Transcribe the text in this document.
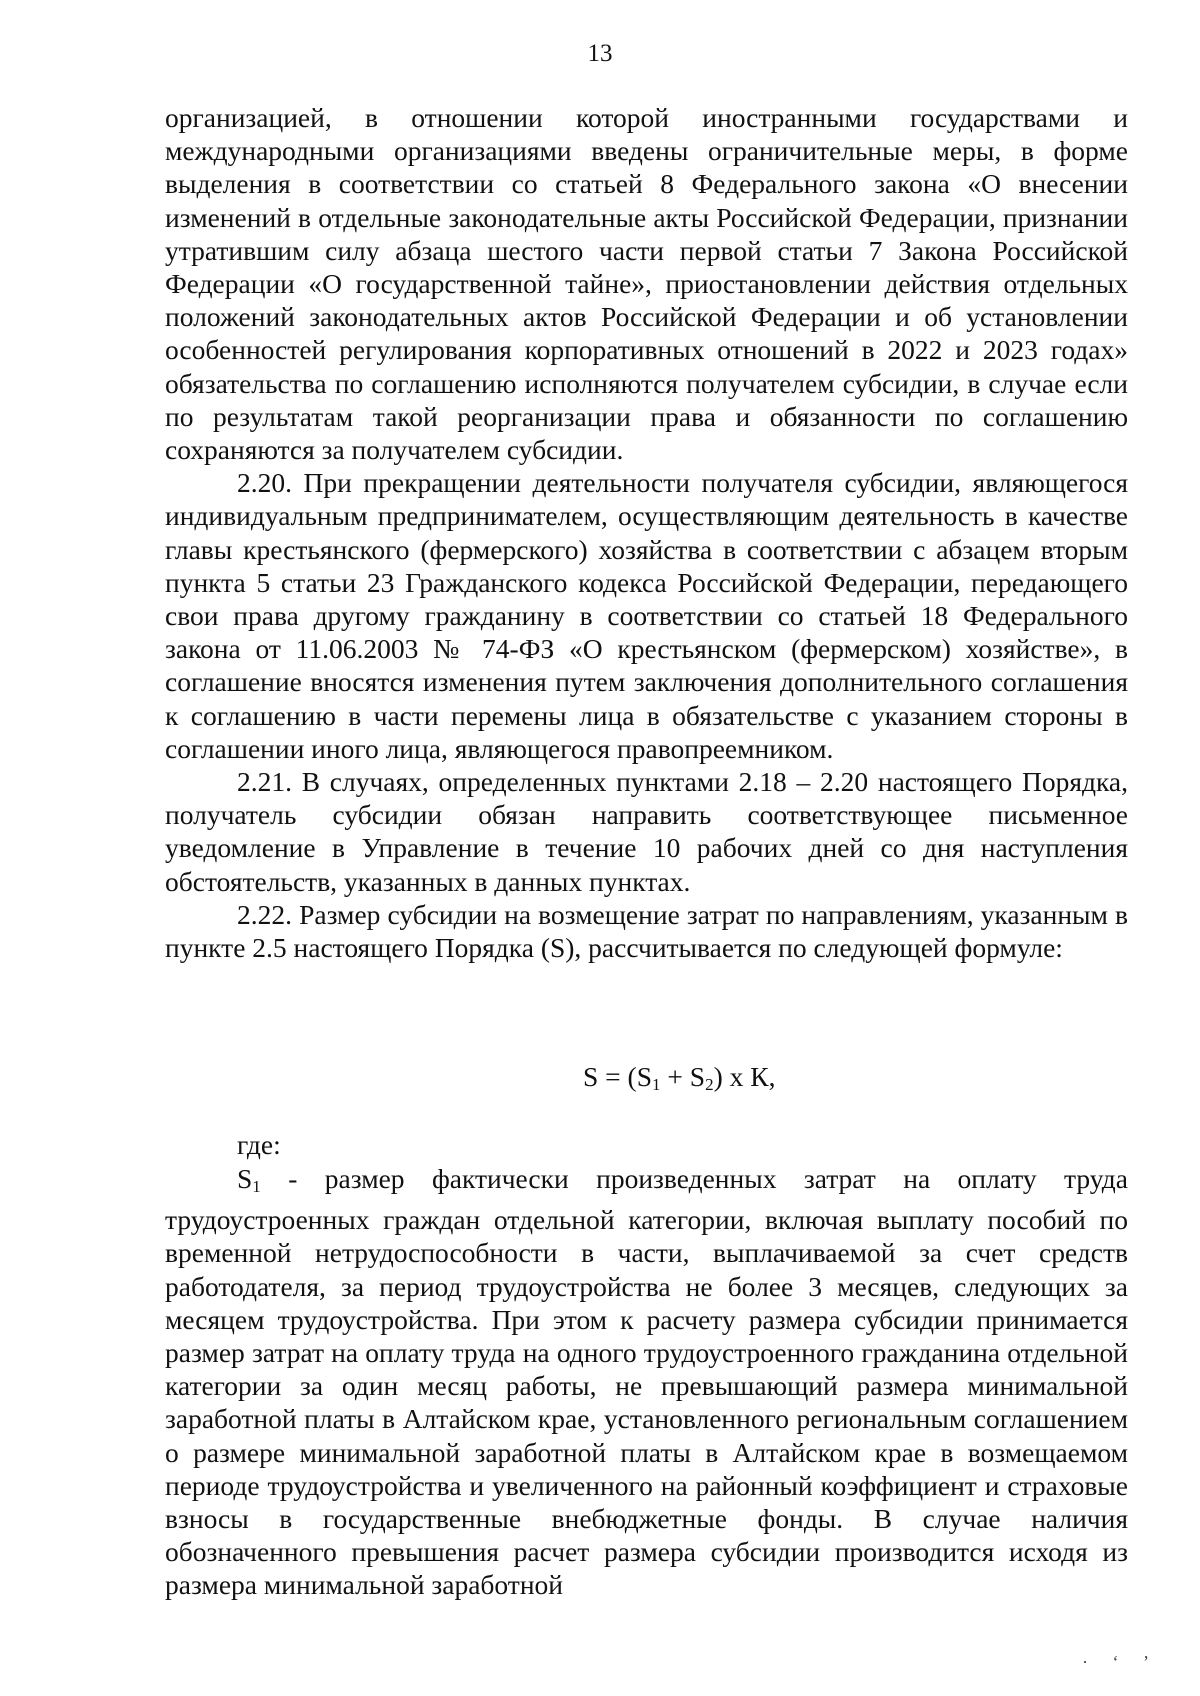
13

организацией, в отношении которой иностранными государствами и международными организациями введены ограничительные меры, в форме выделения в соответствии со статьей 8 Федерального закона «О внесении изменений в отдельные законодательные акты Российской Федерации, признании утратившим силу абзаца шестого части первой статьи 7 Закона Российской Федерации «О государственной тайне», приостановлении действия отдельных положений законодательных актов Российской Федерации и об установлении особенностей регулирования корпоративных отношений в 2022 и 2023 годах» обязательства по соглашению исполняются получателем субсидии, в случае если по результатам такой реорганизации права и обязанности по соглашению сохраняются за получателем субсидии.

2.20. При прекращении деятельности получателя субсидии, являющегося индивидуальным предпринимателем, осуществляющим деятельность в качестве главы крестьянского (фермерского) хозяйства в соответствии с абзацем вторым пункта 5 статьи 23 Гражданского кодекса Российской Федерации, передающего свои права другому гражданину в соответствии со статьей 18 Федерального закона от 11.06.2003 № 74-ФЗ «О крестьянском (фермерском) хозяйстве», в соглашение вносятся изменения путем заключения дополнительного соглашения к соглашению в части перемены лица в обязательстве с указанием стороны в соглашении иного лица, являющегося правопреемником.

2.21. В случаях, определенных пунктами 2.18 – 2.20 настоящего Порядка, получатель субсидии обязан направить соответствующее письменное уведомление в Управление в течение 10 рабочих дней со дня наступления обстоятельств, указанных в данных пунктах.

2.22. Размер субсидии на возмещение затрат по направлениям, указанным в пункте 2.5 настоящего Порядка (S), рассчитывается по следующей формуле:

$S = (S_1 + S_2)$ х К,
где:

$S_1$ - размер фактически произведенных затрат на оплату труда трудоустроенных граждан отдельной категории, включая выплату пособий по временной нетрудоспособности в части, выплачиваемой за счет средств работодателя, за период трудоустройства не более 3 месяцев, следующих за месяцем трудоустройства. При этом к расчету размера субсидии принимается размер затрат на оплату труда на одного трудоустроенного гражданина отдельной категории за один месяц работы, не превышающий размера минимальной заработной платы в Алтайском крае, установленного региональным соглашением о размере минимальной заработной платы в Алтайском крае в возмещаемом периоде трудоустройства и увеличенного на районный коэффициент и страховые взносы в государственные внебюджетные фонды. В случае наличия обозначенного превышения расчет размера субсидии производится исходя из размера минимальной заработной

· ‘ ’
